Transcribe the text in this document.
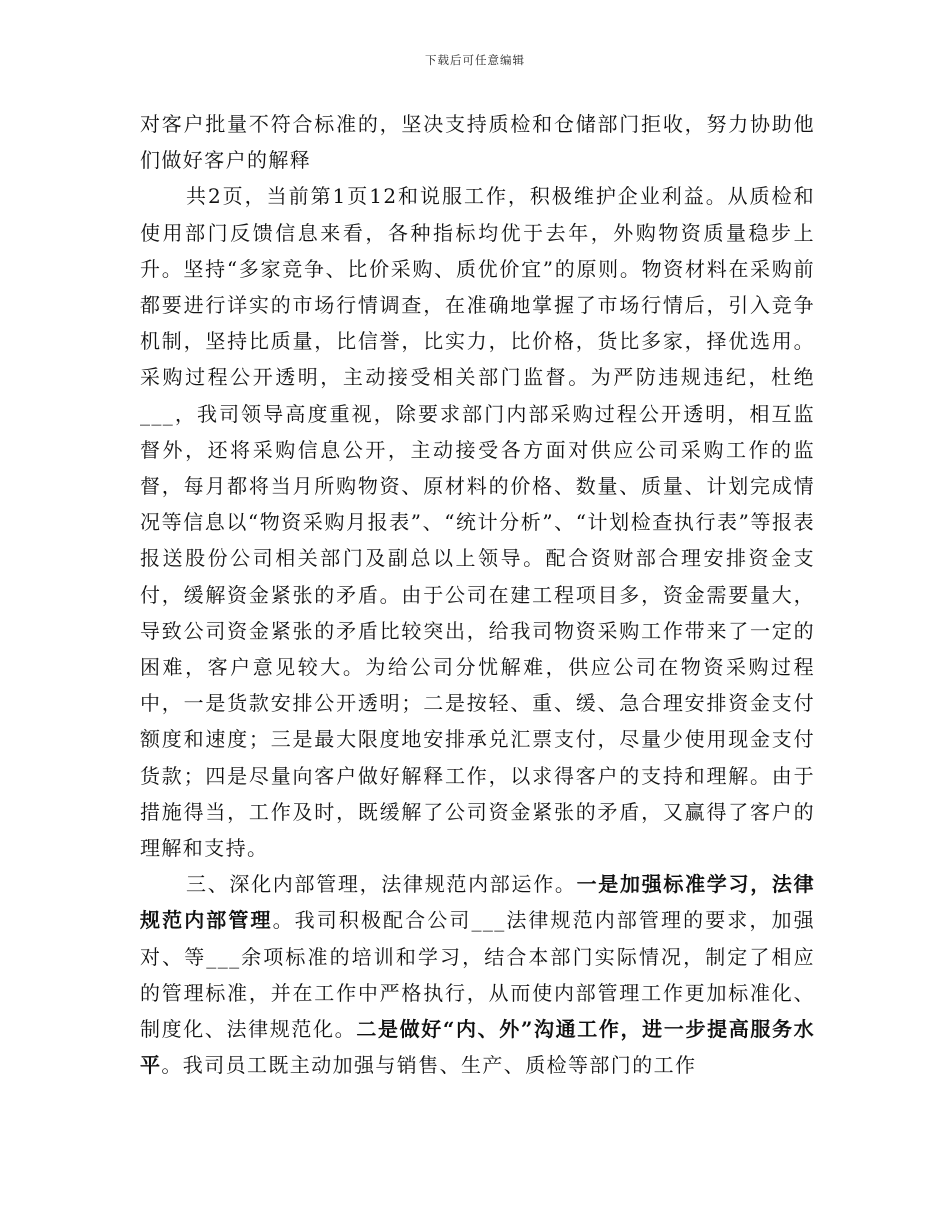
下载后可任意编辑

对客户批量不符合标准的，坚决支持质检和仓储部门拒收，努力协助他们做好客户的解释

共2页，当前第1页12和说服工作，积极维护企业利益。从质检和使用部门反馈信息来看，各种指标均优于去年，外购物资质量稳步上升。坚持“多家竞争、比价采购、质优价宜”的原则。物资材料在采购前都要进行详实的市场行情调查，在准确地掌握了市场行情后，引入竞争机制，坚持比质量，比信誉，比实力，比价格，货比多家，择优选用。采购过程公开透明，主动接受相关部门监督。为严防违规违纪，杜绝___，我司领导高度重视，除要求部门内部采购过程公开透明，相互监督外，还将采购信息公开，主动接受各方面对供应公司采购工作的监督，每月都将当月所购物资、原材料的价格、数量、质量、计划完成情况等信息以“物资采购月报表”、“统计分析”、“计划检查执行表”等报表报送股份公司相关部门及副总以上领导。配合资财部合理安排资金支付，缓解资金紧张的矛盾。由于公司在建工程项目多，资金需要量大，导致公司资金紧张的矛盾比较突出，给我司物资采购工作带来了一定的困难，客户意见较大。为给公司分忧解难，供应公司在物资采购过程中，一是货款安排公开透明；二是按轻、重、缓、急合理安排资金支付额度和速度；三是最大限度地安排承兑汇票支付，尽量少使用现金支付货款；四是尽量向客户做好解释工作，以求得客户的支持和理解。由于措施得当，工作及时，既缓解了公司资金紧张的矛盾，又赢得了客户的理解和支持。

三、深化内部管理，法律规范内部运作。一是加强标准学习，法律规范内部管理。我司积极配合公司___法律规范内部管理的要求，加强对、等___余项标准的培训和学习，结合本部门实际情况，制定了相应的管理标准，并在工作中严格执行，从而使内部管理工作更加标准化、制度化、法律规范化。二是做好“内、外”沟通工作，进一步提高服务水平。我司员工既主动加强与销售、生产、质检等部门的工作
